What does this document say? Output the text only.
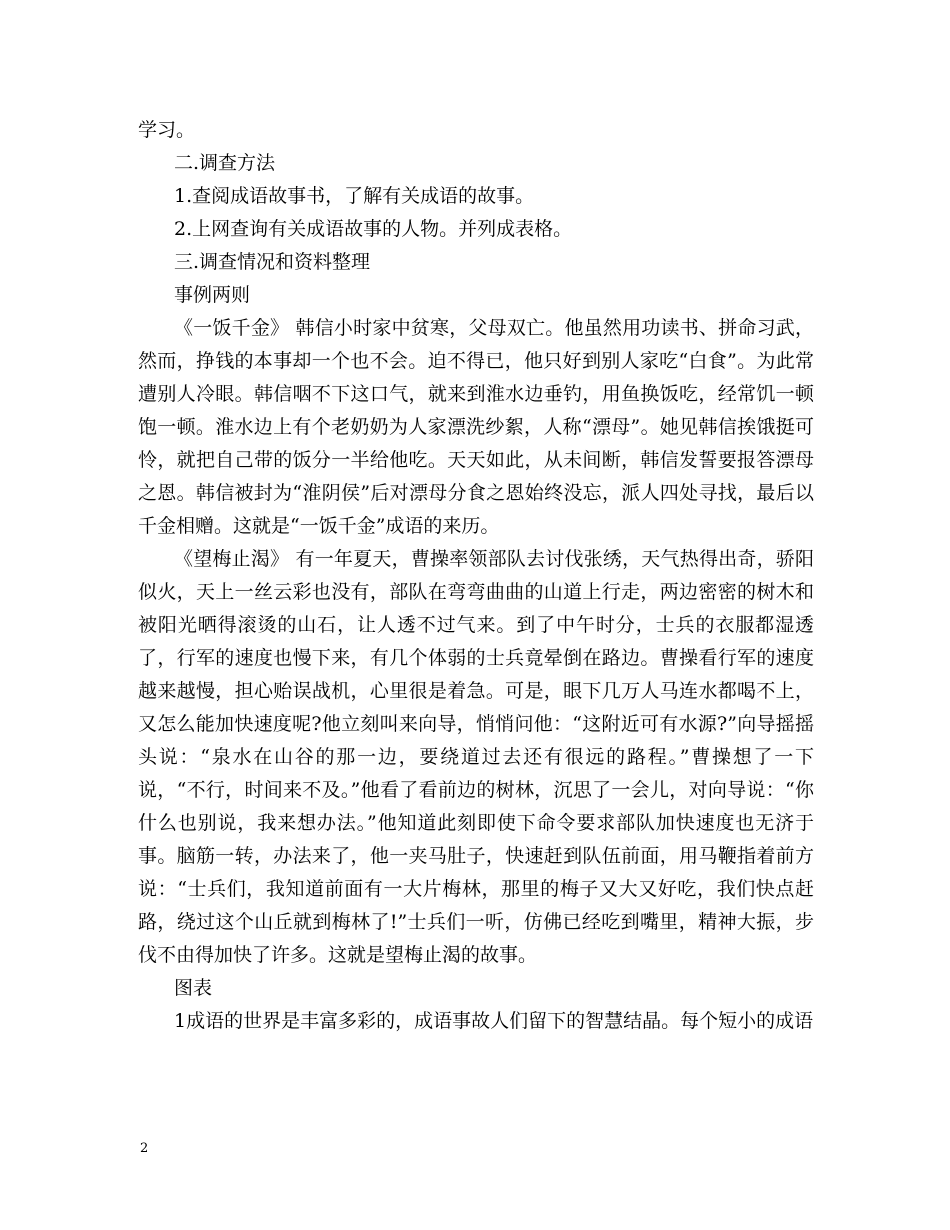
学习。

二.调查方法

1.查阅成语故事书，了解有关成语的故事。

2.上网查询有关成语故事的人物。并列成表格。

三.调查情况和资料整理

事例两则

《一饭千金》 韩信小时家中贫寒，父母双亡。他虽然用功读书、拼命习武，然而，挣钱的本事却一个也不会。迫不得已，他只好到别人家吃“白食”。为此常遭别人冷眼。韩信咽不下这口气，就来到淮水边垂钓，用鱼换饭吃，经常饥一顿饱一顿。淮水边上有个老奶奶为人家漂洗纱絮，人称“漂母”。她见韩信挨饿挺可怜，就把自己带的饭分一半给他吃。天天如此，从未间断，韩信发誓要报答漂母之恩。韩信被封为“淮阴侯”后对漂母分食之恩始终没忘，派人四处寻找，最后以千金相赠。这就是“一饭千金”成语的来历。

《望梅止渴》 有一年夏天，曹操率领部队去讨伐张绣，天气热得出奇，骄阳似火，天上一丝云彩也没有，部队在弯弯曲曲的山道上行走，两边密密的树木和被阳光晒得滚烫的山石，让人透不过气来。到了中午时分，士兵的衣服都湿透了，行军的速度也慢下来，有几个体弱的士兵竟晕倒在路边。曹操看行军的速度越来越慢，担心贻误战机，心里很是着急。可是，眼下几万人马连水都喝不上，又怎么能加快速度呢?他立刻叫来向导，悄悄问他：“这附近可有水源?”向导摇摇头说：“泉水在山谷的那一边，要绕道过去还有很远的路程。”曹操想了一下说，“不行，时间来不及。”他看了看前边的树林，沉思了一会儿，对向导说：“你什么也别说，我来想办法。”他知道此刻即使下命令要求部队加快速度也无济于事。脑筋一转，办法来了，他一夹马肚子，快速赶到队伍前面，用马鞭指着前方说：“士兵们，我知道前面有一大片梅林，那里的梅子又大又好吃，我们快点赶路，绕过这个山丘就到梅林了!”士兵们一听，仿佛已经吃到嘴里，精神大振，步伐不由得加快了许多。这就是望梅止渴的故事。

图表

1成语的世界是丰富多彩的，成语事故人们留下的智慧结晶。每个短小的成语

2
